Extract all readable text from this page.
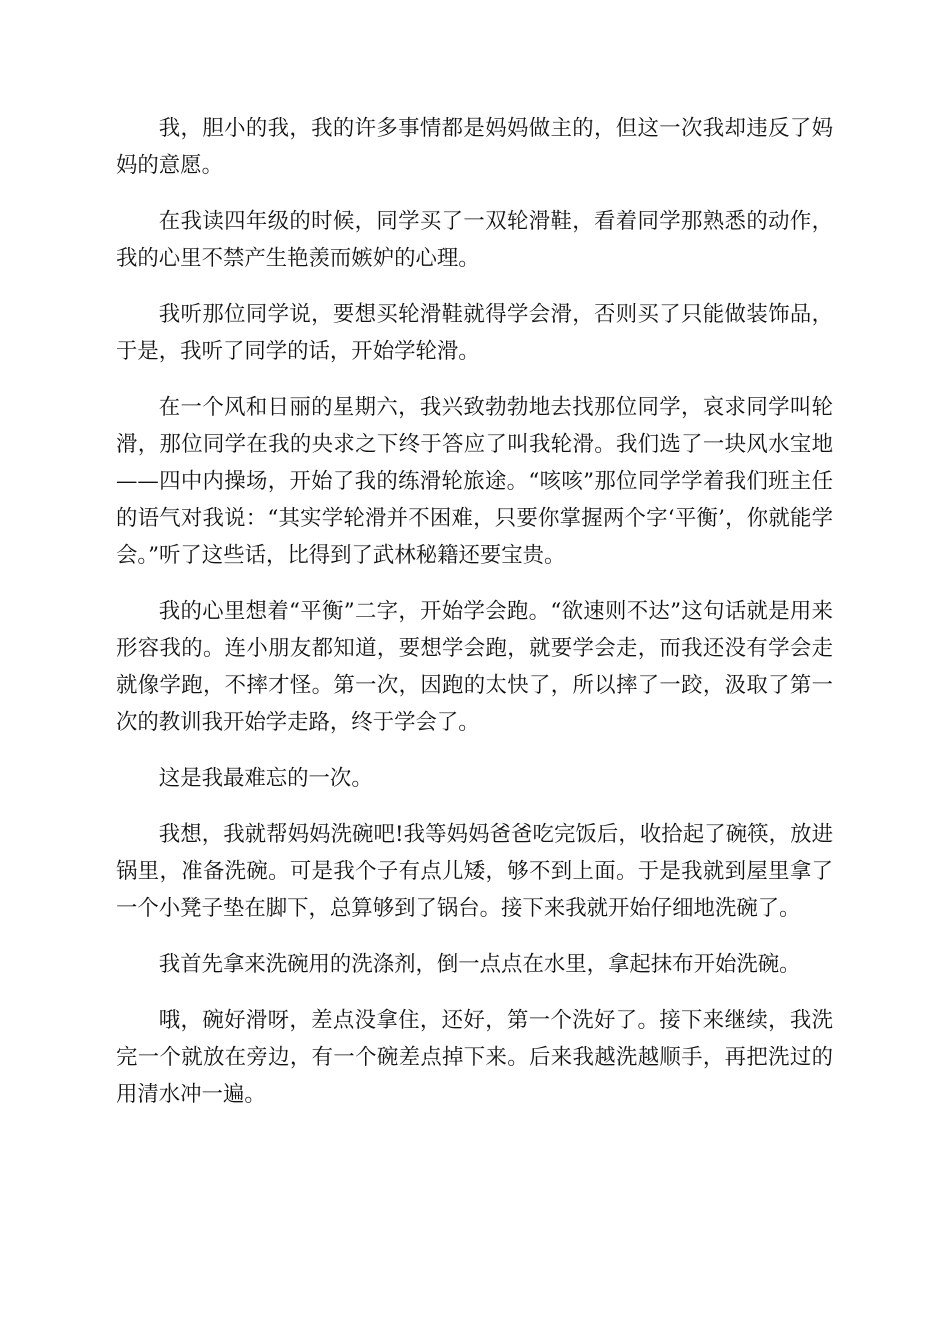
我，胆小的我，我的许多事情都是妈妈做主的，但这一次我却违反了妈妈的意愿。

在我读四年级的时候，同学买了一双轮滑鞋，看着同学那熟悉的动作，我的心里不禁产生艳羡而嫉妒的心理。

我听那位同学说，要想买轮滑鞋就得学会滑，否则买了只能做装饰品，于是，我听了同学的话，开始学轮滑。

在一个风和日丽的星期六，我兴致勃勃地去找那位同学，哀求同学叫轮滑，那位同学在我的央求之下终于答应了叫我轮滑。我们选了一块风水宝地——四中内操场，开始了我的练滑轮旅途。“咳咳”那位同学学着我们班主任的语气对我说：“其实学轮滑并不困难，只要你掌握两个字‘平衡’，你就能学会。”听了这些话，比得到了武林秘籍还要宝贵。

我的心里想着“平衡”二字，开始学会跑。“欲速则不达”这句话就是用来形容我的。连小朋友都知道，要想学会跑，就要学会走，而我还没有学会走就像学跑，不摔才怪。第一次，因跑的太快了，所以摔了一跤，汲取了第一次的教训我开始学走路，终于学会了。

这是我最难忘的一次。

我想，我就帮妈妈洗碗吧!我等妈妈爸爸吃完饭后，收拾起了碗筷，放进锅里，准备洗碗。可是我个子有点儿矮，够不到上面。于是我就到屋里拿了一个小凳子垫在脚下，总算够到了锅台。接下来我就开始仔细地洗碗了。

我首先拿来洗碗用的洗涤剂，倒一点点在水里，拿起抹布开始洗碗。

哦，碗好滑呀，差点没拿住，还好，第一个洗好了。接下来继续，我洗完一个就放在旁边，有一个碗差点掉下来。后来我越洗越顺手，再把洗过的用清水冲一遍。
